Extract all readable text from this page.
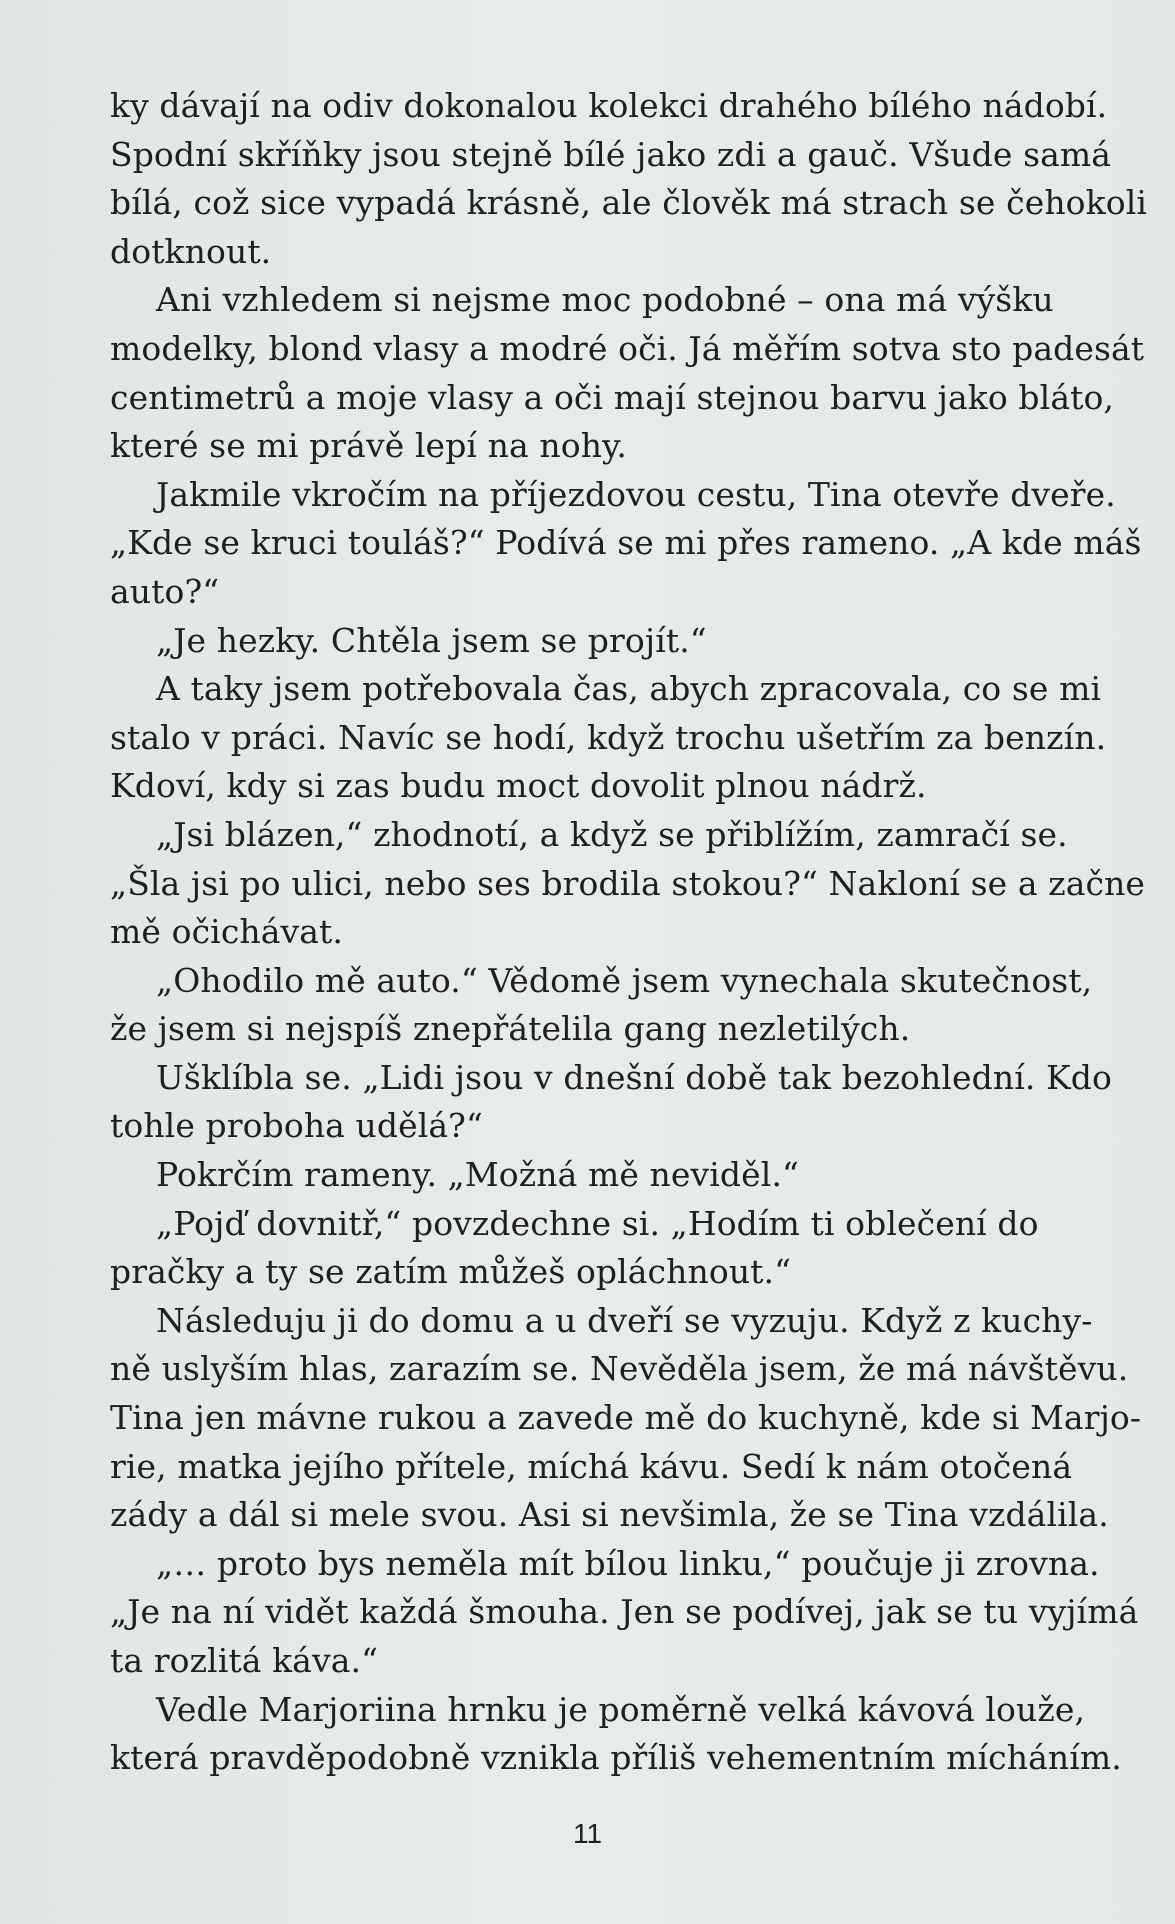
ky dávají na odiv dokonalou kolekci drahého bílého nádobí.
Spodní skříňky jsou stejně bílé jako zdi a gauč. Všude samá
bílá, což sice vypadá krásně, ale člověk má strach se čehokoli
dotknout.
Ani vzhledem si nejsme moc podobné – ona má výšku
modelky, blond vlasy a modré oči. Já měřím sotva sto padesát
centimetrů a moje vlasy a oči mají stejnou barvu jako bláto,
které se mi právě lepí na nohy.
Jakmile vkročím na příjezdovou cestu, Tina otevře dveře.
„Kde se kruci touláš?“ Podívá se mi přes rameno. „A kde máš
auto?“
„Je hezky. Chtěla jsem se projít.“
A taky jsem potřebovala čas, abych zpracovala, co se mi
stalo v práci. Navíc se hodí, když trochu ušetřím za benzín.
Kdoví, kdy si zas budu moct dovolit plnou nádrž.
„Jsi blázen,“ zhodnotí, a když se přiblížím, zamračí se.
„Šla jsi po ulici, nebo ses brodila stokou?“ Nakloní se a začne
mě očichávat.
„Ohodilo mě auto.“ Vědomě jsem vynechala skutečnost,
že jsem si nejspíš znepřátelila gang nezletilých.
Ušklíbla se. „Lidi jsou v dnešní době tak bezohlední. Kdo
tohle proboha udělá?“
Pokrčím rameny. „Možná mě neviděl.“
„Pojď dovnitř,“ povzdechne si. „Hodím ti oblečení do
pračky a ty se zatím můžeš opláchnout.“
Následuju ji do domu a u dveří se vyzuju. Když z kuchy-
ně uslyším hlas, zarazím se. Nevěděla jsem, že má návštěvu.
Tina jen mávne rukou a zavede mě do kuchyně, kde si Marjo-
rie, matka jejího přítele, míchá kávu. Sedí k nám otočená
zády a dál si mele svou. Asi si nevšimla, že se Tina vzdálila.
„… proto bys neměla mít bílou linku,“ poučuje ji zrovna.
„Je na ní vidět každá šmouha. Jen se podívej, jak se tu vyjímá
ta rozlitá káva.“
Vedle Marjoriina hrnku je poměrně velká kávová louže,
která pravděpodobně vznikla příliš vehementním mícháním.
11
